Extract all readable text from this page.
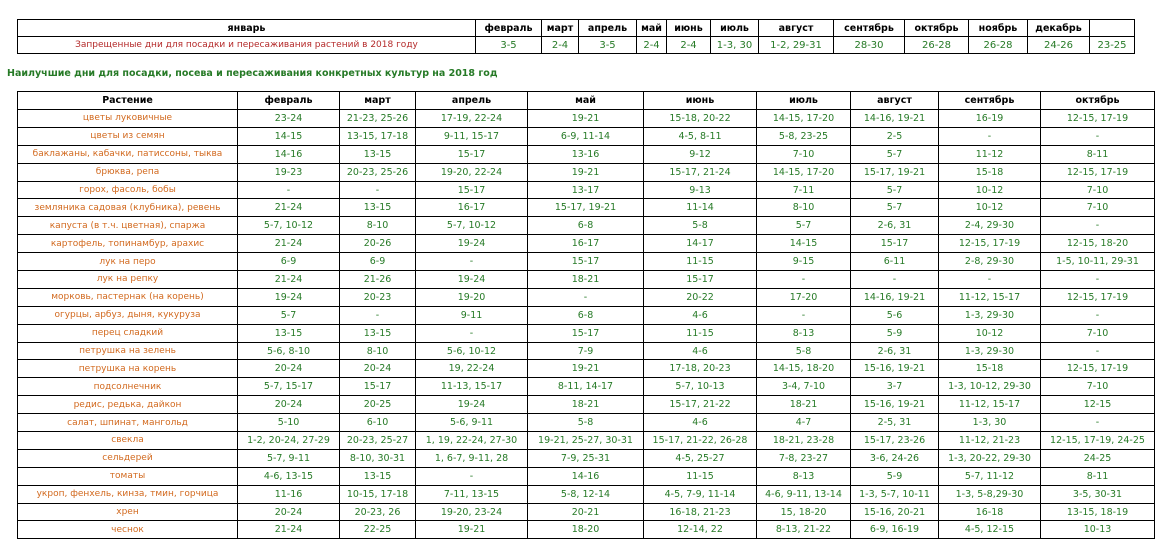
январь	февраль	март	апрель	май	июнь	июль	август	сентябрь	октябрь	ноябрь	декабрь	
Запрещенные дни для посадки и пересаживания растений в 2018 году	3-5	2-4	3-5	2-4	2-4	1-3, 30	1-2, 29-31	28-30	26-28	26-28	24-26	23-25
Наилучшие дни для посадки, посева и пересаживания конкретных культур на 2018 год
Растение	февраль	март	апрель	май	июнь	июль	август	сентябрь	октябрь
цветы луковичные	23-24	21-23, 25-26	17-19, 22-24	19-21	15-18, 20-22	14-15, 17-20	14-16, 19-21	16-19	12-15, 17-19
цветы из семян	14-15	13-15, 17-18	9-11, 15-17	6-9, 11-14	4-5, 8-11	5-8, 23-25	2-5	-	-
баклажаны, кабачки, патиссоны, тыква	14-16	13-15	15-17	13-16	9-12	7-10	5-7	11-12	8-11
брюква, репа	19-23	20-23, 25-26	19-20, 22-24	19-21	15-17, 21-24	14-15, 17-20	15-17, 19-21	15-18	12-15, 17-19
горох, фасоль, бобы	-	-	15-17	13-17	9-13	7-11	5-7	10-12	7-10
земляника садовая (клубника), ревень	21-24	13-15	16-17	15-17, 19-21	11-14	8-10	5-7	10-12	7-10
капуста (в т.ч. цветная), спаржа	5-7, 10-12	8-10	5-7, 10-12	6-8	5-8	5-7	2-6, 31	2-4, 29-30	-
картофель, топинамбур, арахис	21-24	20-26	19-24	16-17	14-17	14-15	15-17	12-15, 17-19	12-15, 18-20
лук на перо	6-9	6-9	-	15-17	11-15	9-15	6-11	2-8, 29-30	1-5, 10-11, 29-31
лук на репку	21-24	21-26	19-24	18-21	15-17	-	-	-	-
морковь, пастернак (на корень)	19-24	20-23	19-20	-	20-22	17-20	14-16, 19-21	11-12, 15-17	12-15, 17-19
огурцы, арбуз, дыня, кукуруза	5-7	-	9-11	6-8	4-6	-	5-6	1-3, 29-30	-
перец сладкий	13-15	13-15	-	15-17	11-15	8-13	5-9	10-12	7-10
петрушка на зелень	5-6, 8-10	8-10	5-6, 10-12	7-9	4-6	5-8	2-6, 31	1-3, 29-30	-
петрушка на корень	20-24	20-24	19, 22-24	19-21	17-18, 20-23	14-15, 18-20	15-16, 19-21	15-18	12-15, 17-19
подсолнечник	5-7, 15-17	15-17	11-13, 15-17	8-11, 14-17	5-7, 10-13	3-4, 7-10	3-7	1-3, 10-12, 29-30	7-10
редис, редька, дайкон	20-24	20-25	19-24	18-21	15-17, 21-22	18-21	15-16, 19-21	11-12, 15-17	12-15
салат, шпинат, мангольд	5-10	6-10	5-6, 9-11	5-8	4-6	4-7	2-5, 31	1-3, 30	-
свекла	1-2, 20-24, 27-29	20-23, 25-27	1, 19, 22-24, 27-30	19-21, 25-27, 30-31	15-17, 21-22, 26-28	18-21, 23-28	15-17, 23-26	11-12, 21-23	12-15, 17-19, 24-25
сельдерей	5-7, 9-11	8-10, 30-31	1, 6-7, 9-11, 28	7-9, 25-31	4-5, 25-27	7-8, 23-27	3-6, 24-26	1-3, 20-22, 29-30	24-25
томаты	4-6, 13-15	13-15	-	14-16	11-15	8-13	5-9	5-7, 11-12	8-11
укроп, фенхель, кинза, тмин, горчица	11-16	10-15, 17-18	7-11, 13-15	5-8, 12-14	4-5, 7-9, 11-14	4-6, 9-11, 13-14	1-3, 5-7, 10-11	1-3, 5-8,29-30	3-5, 30-31
хрен	20-24	20-23, 26	19-20, 23-24	20-21	16-18, 21-23	15, 18-20	15-16, 20-21	16-18	13-15, 18-19
чеснок	21-24	22-25	19-21	18-20	12-14, 22	8-13, 21-22	6-9, 16-19	4-5, 12-15	10-13
